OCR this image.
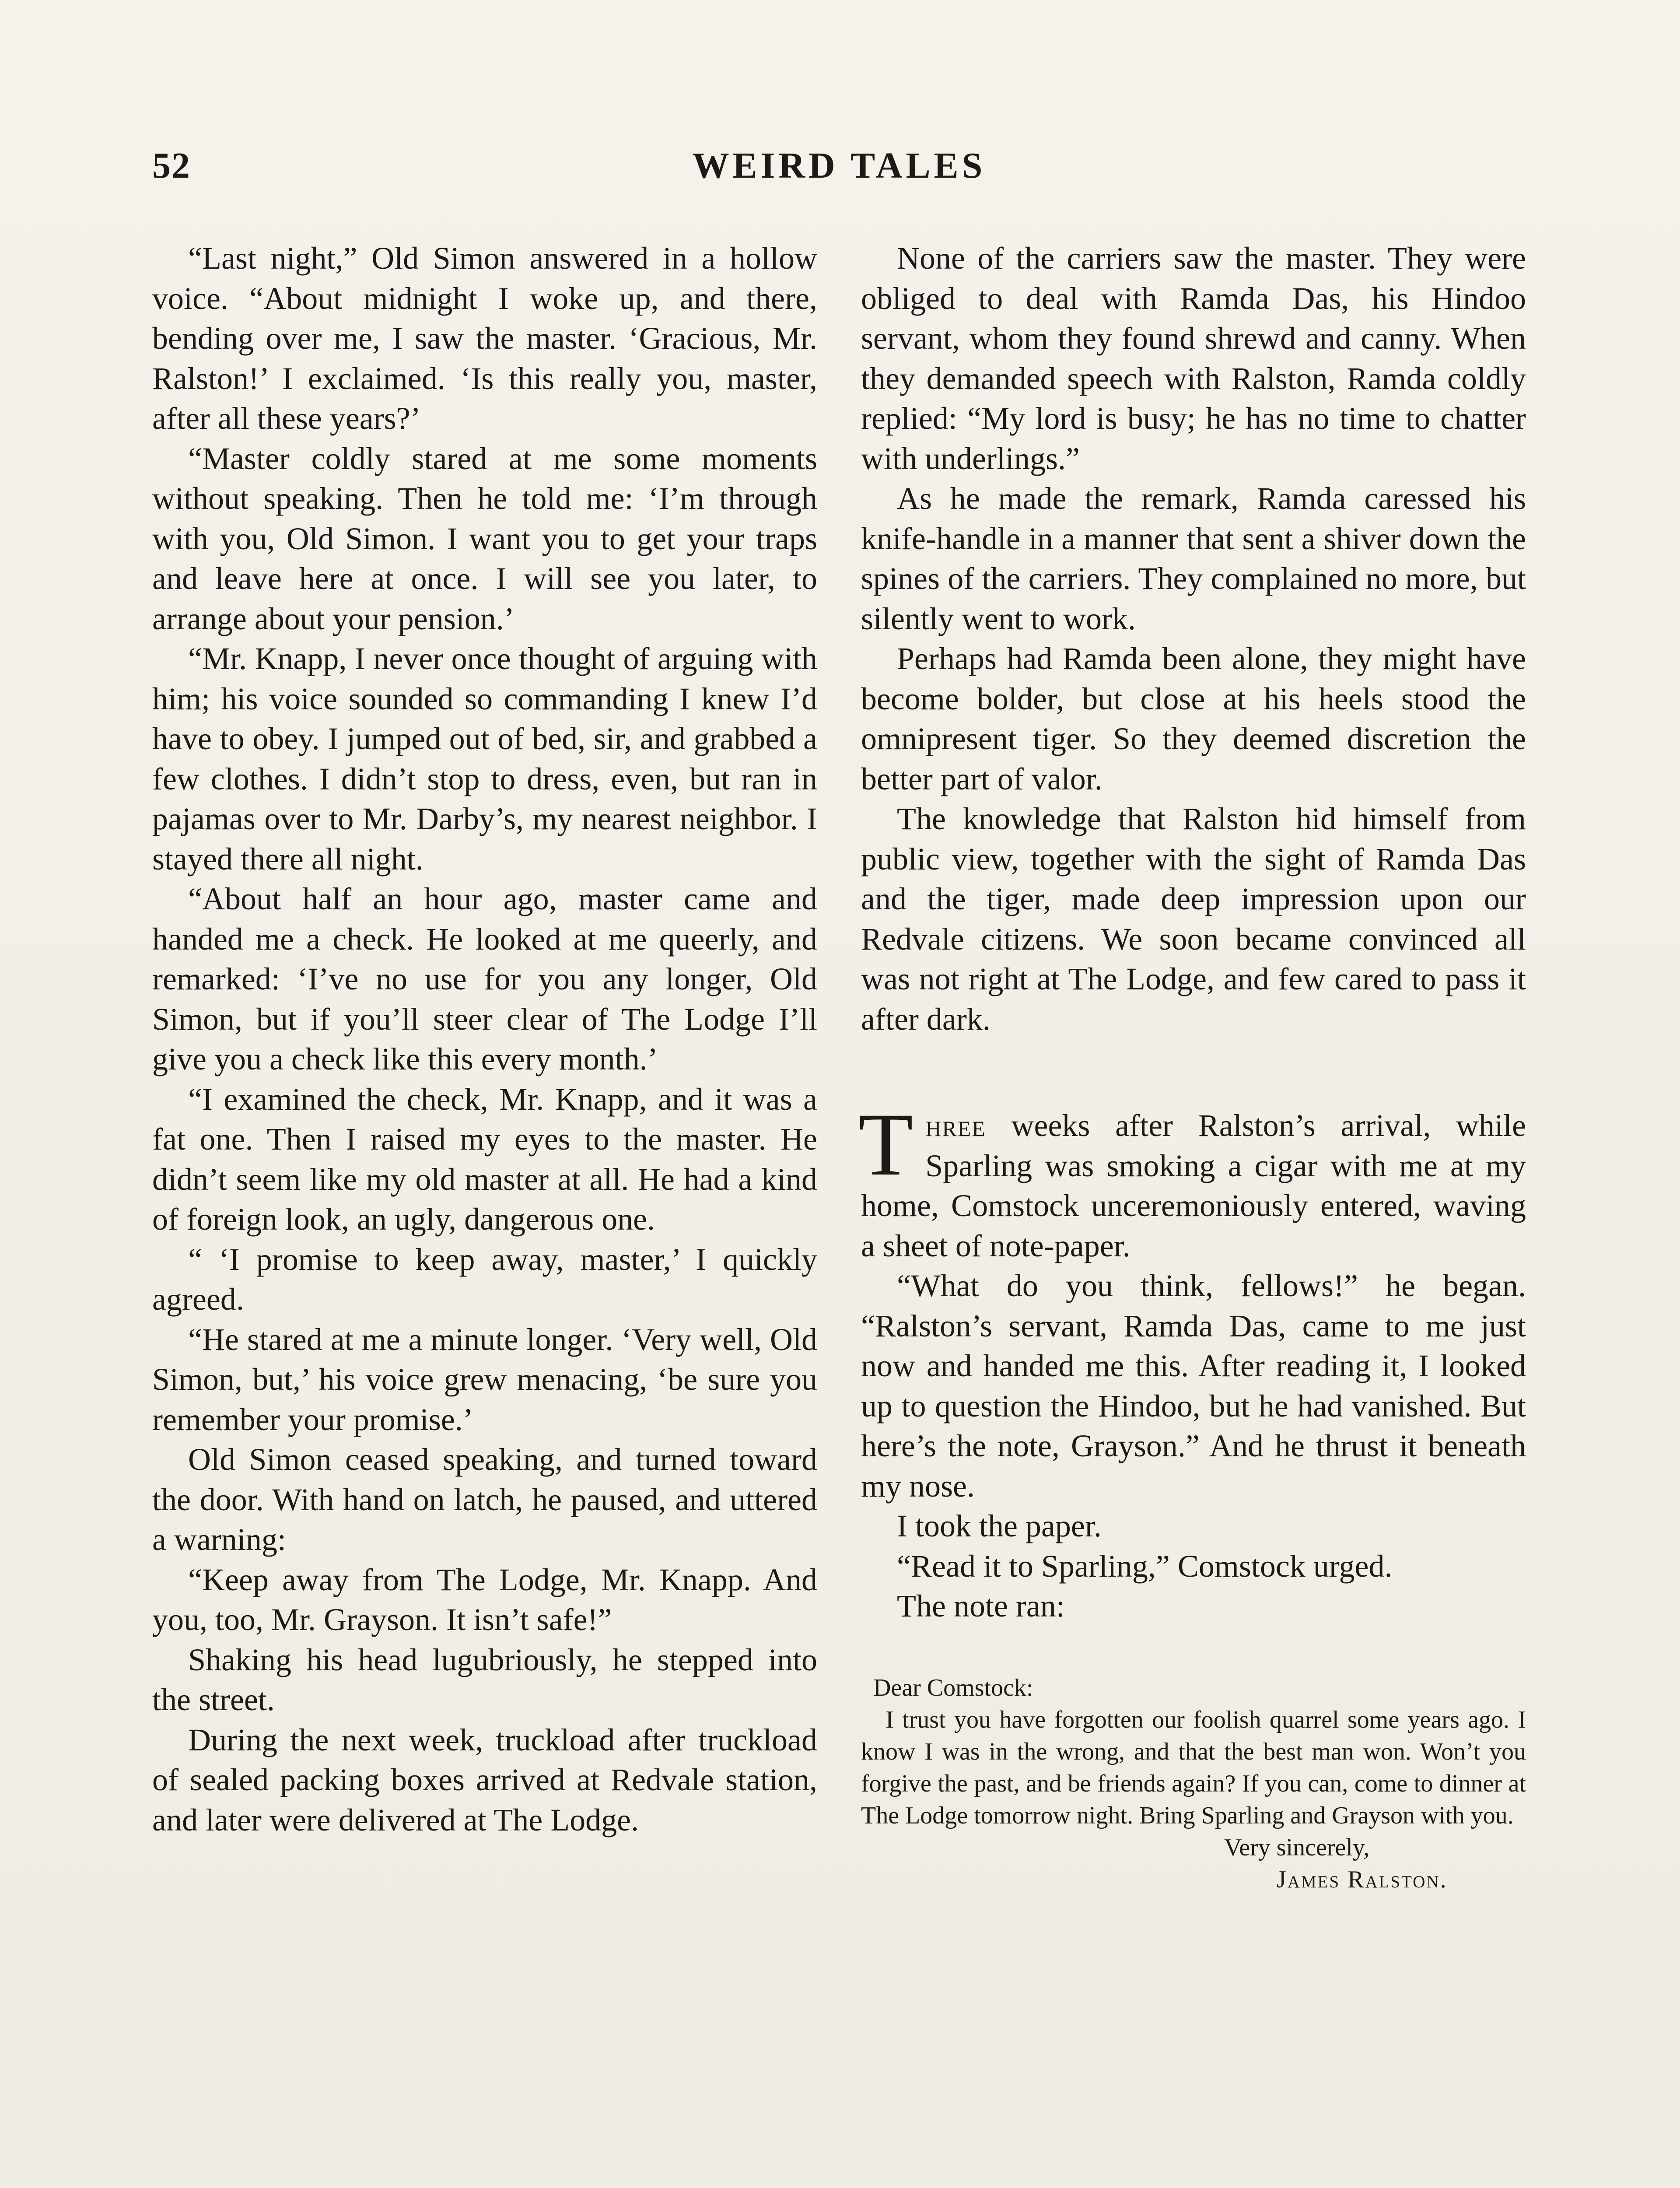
52	WEIRD TALES

“Last night,” Old Simon answered in a hollow voice. “About midnight I woke up, and there, bending over me, I saw the master. ‘Gracious, Mr. Ralston!’ I exclaimed. ‘Is this really you, master, after all these years?’

“Master coldly stared at me some moments without speaking. Then he told me: ‘I’m through with you, Old Simon. I want you to get your traps and leave here at once. I will see you later, to arrange about your pension.’

“Mr. Knapp, I never once thought of arguing with him; his voice sounded so commanding I knew I’d have to obey. I jumped out of bed, sir, and grabbed a few clothes. I didn’t stop to dress, even, but ran in pajamas over to Mr. Darby’s, my nearest neighbor. I stayed there all night.

“About half an hour ago, master came and handed me a check. He looked at me queerly, and remarked: ‘I’ve no use for you any longer, Old Simon, but if you’ll steer clear of The Lodge I’ll give you a check like this every month.’

“I examined the check, Mr. Knapp, and it was a fat one. Then I raised my eyes to the master. He didn’t seem like my old master at all. He had a kind of foreign look, an ugly, dangerous one.

“ ‘I promise to keep away, master,’ I quickly agreed.

“He stared at me a minute longer. ‘Very well, Old Simon, but,’ his voice grew menacing, ‘be sure you remember your promise.’

Old Simon ceased speaking, and turned toward the door. With hand on latch, he paused, and uttered a warning:

“Keep away from The Lodge, Mr. Knapp. And you, too, Mr. Grayson. It isn’t safe!”

Shaking his head lugubriously, he stepped into the street.

During the next week, truckload after truckload of sealed packing boxes arrived at Redvale station, and later were delivered at The Lodge.

None of the carriers saw the master. They were obliged to deal with Ramda Das, his Hindoo servant, whom they found shrewd and canny. When they demanded speech with Ralston, Ramda coldly replied: “My lord is busy; he has no time to chatter with underlings.”

As he made the remark, Ramda caressed his knife-handle in a manner that sent a shiver down the spines of the carriers. They complained no more, but silently went to work.

Perhaps had Ramda been alone, they might have become bolder, but close at his heels stood the omnipresent tiger. So they deemed discretion the better part of valor.

The knowledge that Ralston hid himself from public view, together with the sight of Ramda Das and the tiger, made deep impression upon our Redvale citizens. We soon became convinced all was not right at The Lodge, and few cared to pass it after dark.

Three weeks after Ralston’s arrival, while Sparling was smoking a cigar with me at my home, Comstock unceremoniously entered, waving a sheet of note-paper.

“What do you think, fellows!” he began. “Ralston’s servant, Ramda Das, came to me just now and handed me this. After reading it, I looked up to question the Hindoo, but he had vanished. But here’s the note, Grayson.” And he thrust it beneath my nose.

I took the paper.

“Read it to Sparling,” Comstock urged.

The note ran:

Dear Comstock:

I trust you have forgotten our foolish quarrel some years ago. I know I was in the wrong, and that the best man won. Won’t you forgive the past, and be friends again? If you can, come to dinner at The Lodge tomorrow night. Bring Sparling and Grayson with you.

Very sincerely,

James Ralston.
